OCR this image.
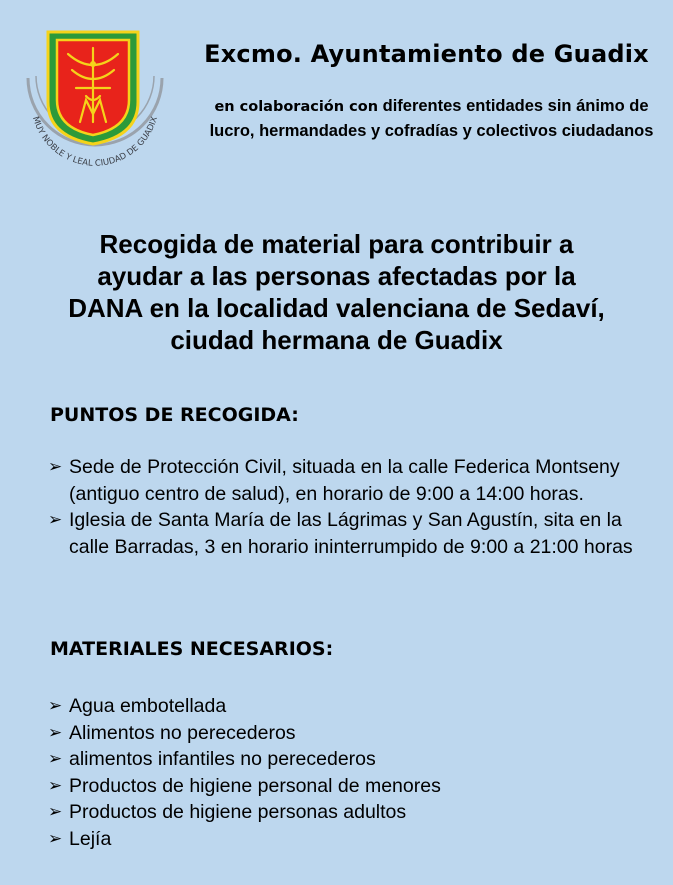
MUY NOBLE Y LEAL CIUDAD DE GUADIX
Excmo. Ayuntamiento de Guadix
en colaboración con diferentes entidades sin ánimo de lucro, hermandades y cofradías y colectivos ciudadanos
Recogida de material para contribuir a
ayudar a las personas afectadas por la
DANA en la localidad valenciana de Sedaví,
ciudad hermana de Guadix
PUNTOS DE RECOGIDA:
➢ Sede de Protección Civil, situada en la calle Federica Montseny (antiguo centro de salud), en horario de 9:00 a 14:00 horas.
➢ Iglesia de Santa María de las Lágrimas y San Agustín, sita en la calle Barradas, 3 en horario ininterrumpido de 9:00 a 21:00 horas
MATERIALES NECESARIOS:
➢ Agua embotellada
➢ Alimentos no perecederos
➢ alimentos infantiles no perecederos
➢ Productos de higiene personal de menores
➢ Productos de higiene personas adultos
➢ Lejía
